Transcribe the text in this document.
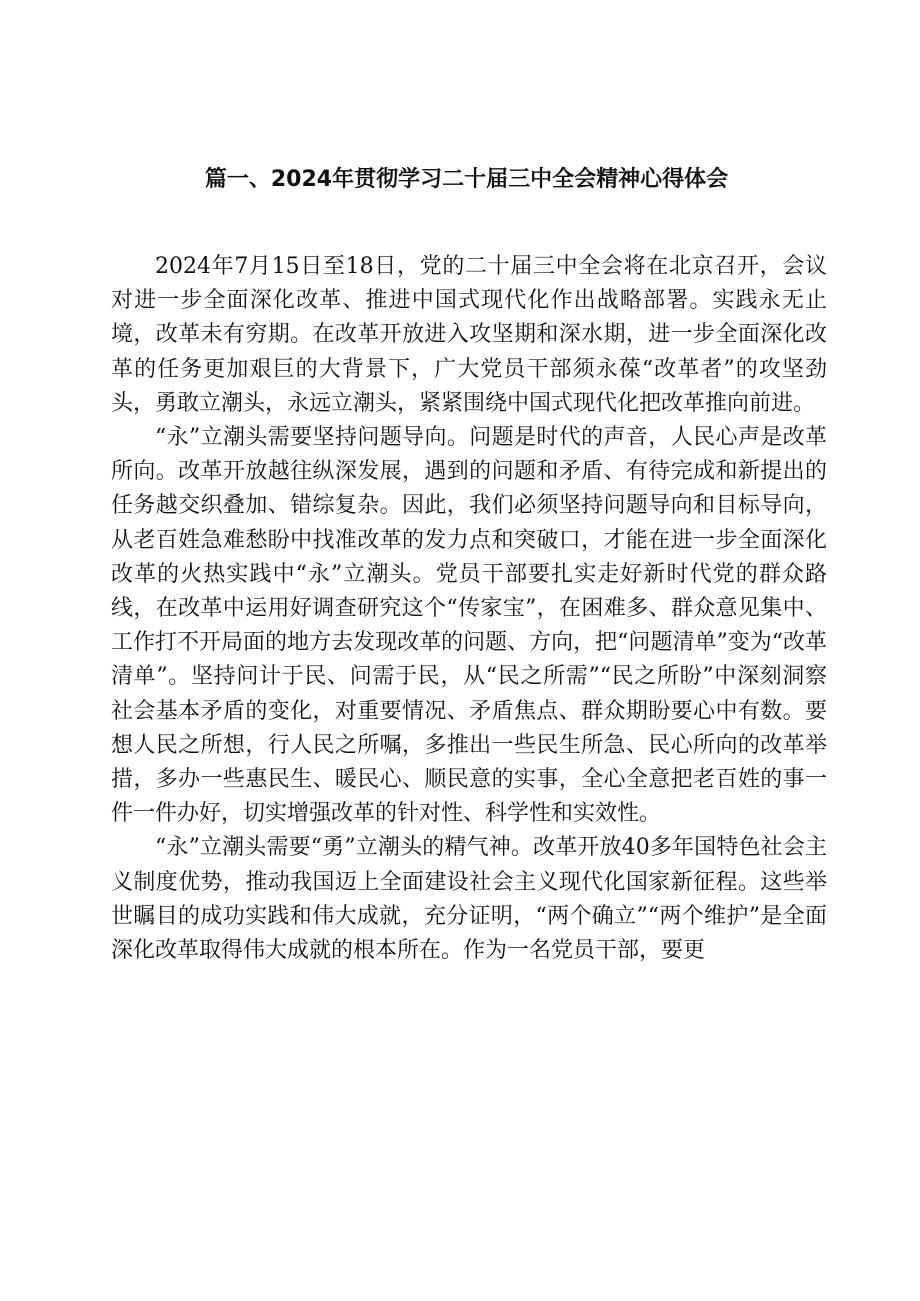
篇一、2024年贯彻学习二十届三中全会精神心得体会

2024年7月15日至18日，党的二十届三中全会将在北京召开，会议对进一步全面深化改革、推进中国式现代化作出战略部署。实践永无止境，改革未有穷期。在改革开放进入攻坚期和深水期，进一步全面深化改革的任务更加艰巨的大背景下，广大党员干部须永葆“改革者”的攻坚劲头，勇敢立潮头，永远立潮头，紧紧围绕中国式现代化把改革推向前进。

“永”立潮头需要坚持问题导向。问题是时代的声音，人民心声是改革所向。改革开放越往纵深发展，遇到的问题和矛盾、有待完成和新提出的任务越交织叠加、错综复杂。因此，我们必须坚持问题导向和目标导向，从老百姓急难愁盼中找准改革的发力点和突破口，才能在进一步全面深化改革的火热实践中“永”立潮头。党员干部要扎实走好新时代党的群众路线，在改革中运用好调查研究这个“传家宝”，在困难多、群众意见集中、工作打不开局面的地方去发现改革的问题、方向，把“问题清单”变为“改革清单”。坚持问计于民、问需于民，从“民之所需”“民之所盼”中深刻洞察社会基本矛盾的变化，对重要情况、矛盾焦点、群众期盼要心中有数。要想人民之所想，行人民之所嘱，多推出一些民生所急、民心所向的改革举措，多办一些惠民生、暖民心、顺民意的实事，全心全意把老百姓的事一件一件办好，切实增强改革的针对性、科学性和实效性。

“永”立潮头需要“勇”立潮头的精气神。改革开放40多年国特色社会主义制度优势，推动我国迈上全面建设社会主义现代化国家新征程。这些举世瞩目的成功实践和伟大成就，充分证明，“两个确立”“两个维护”是全面深化改革取得伟大成就的根本所在。作为一名党员干部，要更
